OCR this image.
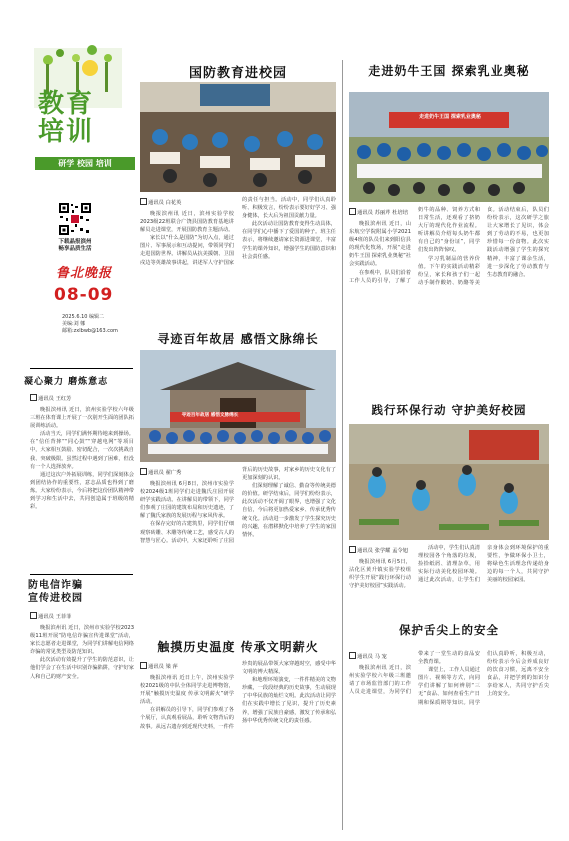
教育
培训
研学 校园 培训
下载晶报滨州
畅享品质生活
鲁北晚报
08-09
2025.6.10 编辑二
美编:刘 娜
邮箱:zxlbwb@163.com
国防教育进校园
通讯员 白花英

晚报滨州讯 近日，滨州实验学校2023级22班联合广饶县国防教育基地讲解员走进课堂，开展国防教育主题活动。

家长以“什么是国防”为切入点，通过图片、军事展示和互动提问，带领同学们走进国防世界。讲解员从抗美援朝、卫国戍边等英雄故事讲起，讲述军人守护国家的责任与担当。活动中，同学们认真聆听、积极发言，纷纷表示要好好学习、强身健体，长大后为祖国贡献力量。

此次活动让国防教育变得生动具体，在同学们心中播下了爱国的种子。班主任表示，将继续邀请家长资源进课堂，丰富学生的课外知识，增强学生的国防意识和社会责任感。

走进奶牛王国 探索乳业奥秘
走进奶牛王国 探索乳业奥秘
通讯员 苏丽芹 杜培培

晚报滨州讯 近日，山东航空学院附属小学2021级4班的队员们来到阳信县的现代化牧场，开展“走进奶牛王国 探索乳业奥秘”社会实践活动。

在参观中，队员们沿着工作人员的引导，了解了奶牛的品种、饲养方式和日常生活，还观看了挤奶大厅的现代化作业流程。听讲解员介绍每头奶牛都有自己的“身份证”，同学们发出阵阵惊叹。

学习乳制品的营养价值。下午的实践活动精彩纷呈，家长和孩子们一起动手制作酸奶、奶酪等美食。活动结束后，队员们纷纷表示，这次研学之旅让大家增长了见识，体会到了劳动的不易，也更加珍惜每一份食物。此次实践活动增强了学生的探究精神，丰富了课余生活，进一步深化了劳动教育与生态教育的融合。

凝心聚力 磨炼意志
通讯员 王红芳

晚报滨州讯 近日，滨州实验学校六年级三班在体育课上开展了一次别开生面的团队拓展训练活动。

活动当天，同学们满怀期待地来到操场。在“信任背摔”“同心鼓”“穿越电网”等项目中，大家相互鼓励、密切配合，一次次挑战自我、突破极限。虽然过程中遇到了困难，但没有一个人选择放弃。

通过这次户外拓展训练，同学们深刻体会到团结协作的重要性，意志品质也得到了磨炼。大家纷纷表示，今后将把这份团队精神带到学习和生活中去，共同创造属于班级的精彩。

寻迹百年故居 感悟文脉绵长
寻迹百年故居 感悟文脉绵长
通讯员 翟广秀

晚报滨州讯 6月8日，滨州市实验学校2024级1班同学们走进魏氏庄园开展研学实践活动。在讲解员的带领下，同学们参观了庄园的建筑布局和历史遗迹，了解了魏氏家族的发展历程与家风传承。

在保存完好的古建筑里，同学们仔细观察砖雕、木雕等传统工艺，感受古人的智慧与匠心。活动中，大家还聆听了庄园背后的历史故事，对家乡的历史文化有了更加深刻的认识。

们深刻理解了诚信、勤奋等传统美德的价值。研学结束后，同学们纷纷表示，此次活动不仅开阔了眼界，也增强了文化自信，今后将更加热爱家乡、传承优秀传统文化。活动进一步激发了学生探究历史的兴趣，在潜移默化中培养了学生的家国情怀。

践行环保行动 守护美好校园
通讯员 张学耀 孟令旭

晚报滨州讯 6月5日，沾化区黄升镇实验学校组织学生开展“践行环保行动 守护美好校园”实践活动。

活动中，学生们认真清理校园各个角落的垃圾，捡拾纸屑、清理杂草，用实际行动美化校园环境。通过此次活动，让学生们亲身体会到环境保护的重要性，争做环保小卫士，将绿色生活理念传递给身边的每一个人，共同守护美丽的校园家园。

防电信诈骗
宣传进校园
通讯员 王菲菲

晚报滨州讯 近日，滨州市实验学校2023级11班开展“防电信诈骗宣传进课堂”活动，家长志愿者走进课堂，为同学们讲解电信网络诈骗的常见类型及防范知识。

此次活动有效提升了学生的防范意识，让他们学会了在生活中识别诈骗陷阱，守护好家人和自己的财产安全。

触摸历史温度 传承文明薪火
通讯员 梁 萍

晚报滨州讯 近日上午，滨州实验学校2021级的中队全体同学走进博物馆，开展“触摸历史温度 传承文明薪火”研学活动。

在讲解员的引导下，同学们参观了各个展厅，认真观看展品，聆听文物背后的故事。从远古遗存到近现代史料，一件件珍贵的展品带领大家穿越时空，感受中华文明的博大精深。

和地理环境演变，一件件精美的文物珍藏，一段段经典的历史故事，生动展现了中华民族的灿烂文明。此次活动让同学们在实践中增长了见识，提升了历史素养，增强了民族自豪感，激发了传承和弘扬中华优秀传统文化的责任感。

保护舌尖上的安全
通讯员 马 宠

晚报滨州讯 近日，滨州实验学校六年级三班邀请了市场监管部门的工作人员走进课堂，为同学们带来了一堂生动的食品安全教育课。

课堂上，工作人员通过图片、视频等方式，向同学们讲解了如何辨别“三无”食品、如何查看生产日期和保质期等知识。同学们认真聆听，积极互动，纷纷表示今后会养成良好的饮食习惯，远离不安全食品，并把学到的知识分享给家人，共同守护舌尖上的安全。
